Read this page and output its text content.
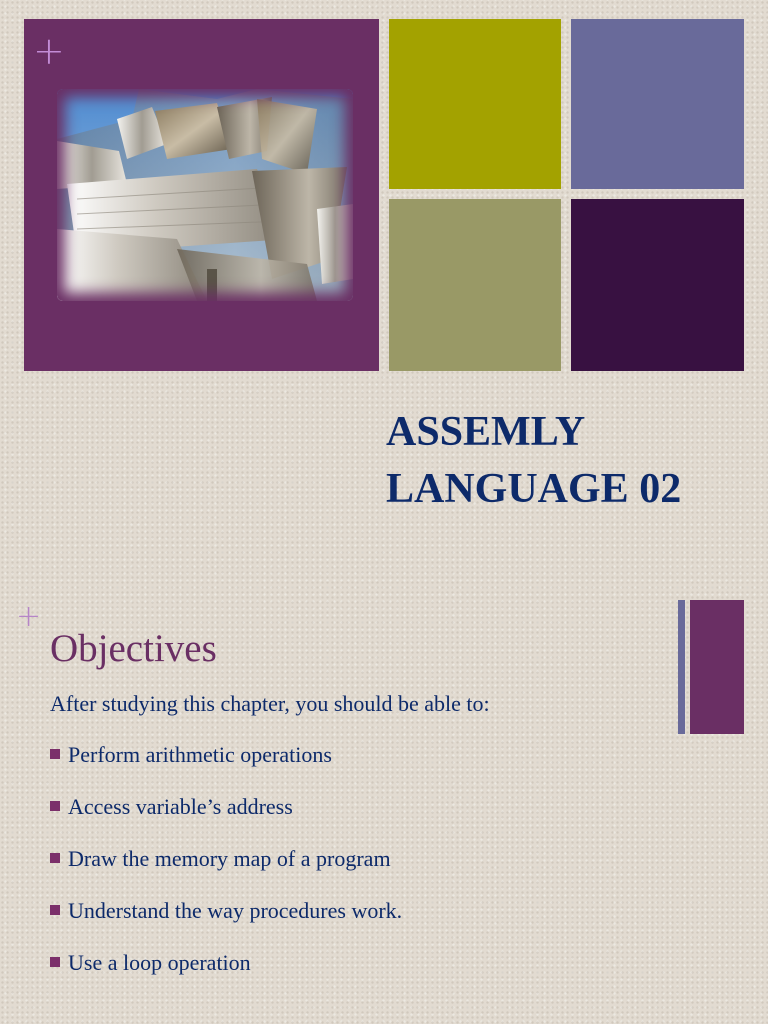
+
ASSEMLY
LANGUAGE 02
+
Objectives
After studying this chapter, you should be able to:
Perform arithmetic operations
Access variable’s address
Draw the memory map of a program
Understand the way procedures work.
Use a loop operation
